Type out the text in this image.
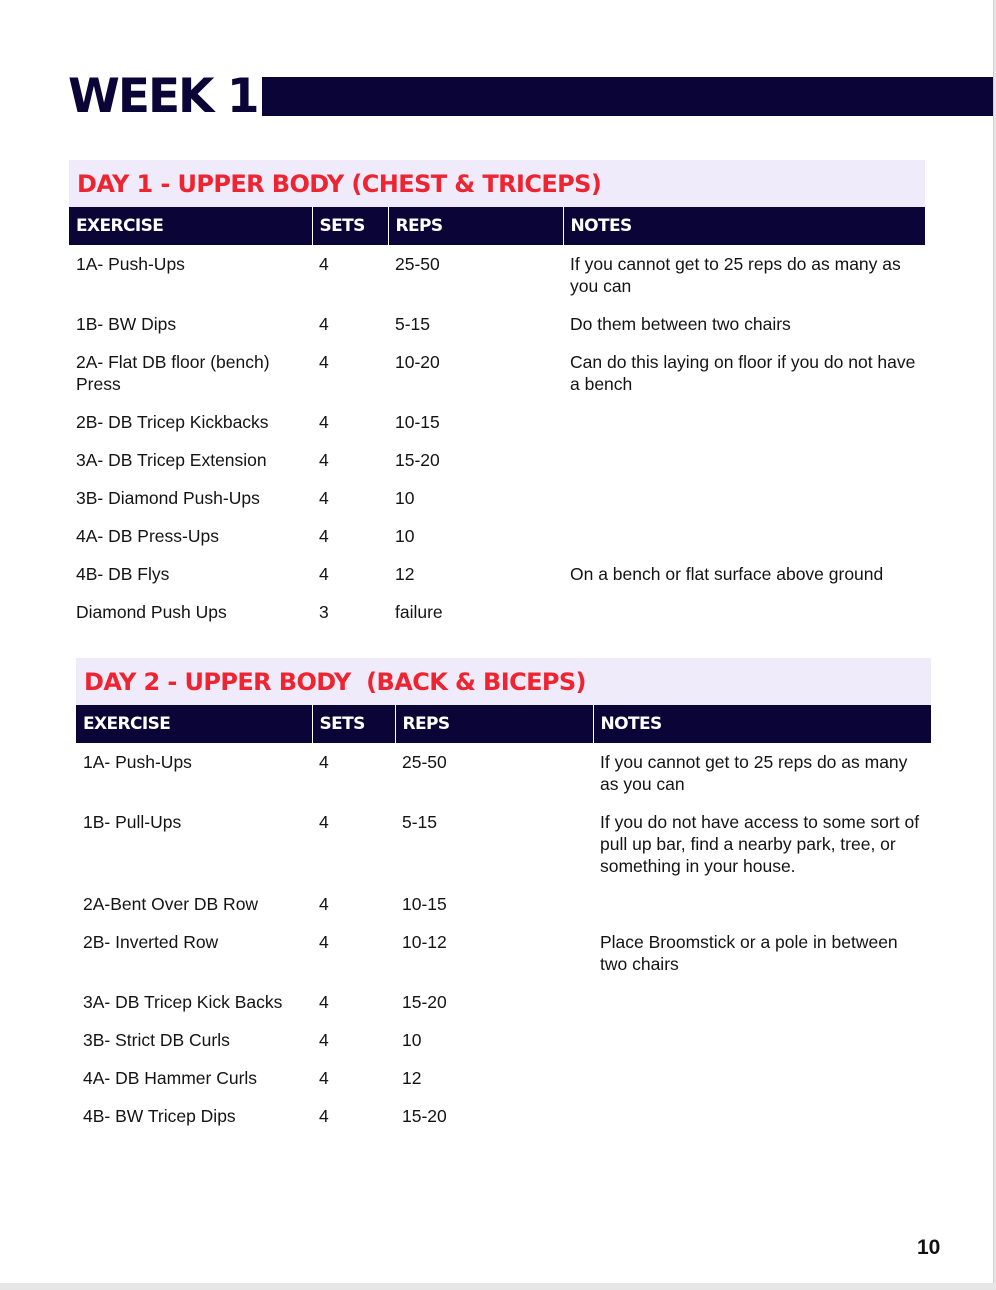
WEEK 1
DAY 1 - UPPER BODY (CHEST & TRICEPS)
EXERCISE	SETS	REPS	NOTES
1A- Push-Ups	4	25-50	If you cannot get to 25 reps do as many as you can
1B- BW Dips	4	5-15	Do them between two chairs
2A- Flat DB floor (bench) Press	4	10-20	Can do this laying on floor if you do not have a bench
2B- DB Tricep Kickbacks	4	10-15	
3A- DB Tricep Extension	4	15-20	
3B- Diamond Push-Ups	4	10	
4A- DB Press-Ups	4	10	
4B- DB Flys	4	12	On a bench or flat surface above ground
Diamond Push Ups	3	failure	
DAY 2 - UPPER BODY  (BACK & BICEPS)
EXERCISE	SETS	REPS	NOTES
1A- Push-Ups	4	25-50	If you cannot get to 25 reps do as many as you can
1B- Pull-Ups	4	5-15	If you do not have access to some sort of pull up bar, find a nearby park, tree, or something in your house.
2A-Bent Over DB Row	4	10-15	
2B- Inverted Row	4	10-12	Place Broomstick or a pole in between two chairs
3A- DB Tricep Kick Backs	4	15-20	
3B- Strict DB Curls	4	10	
4A- DB Hammer Curls	4	12	
4B- BW Tricep Dips	4	15-20	
10
